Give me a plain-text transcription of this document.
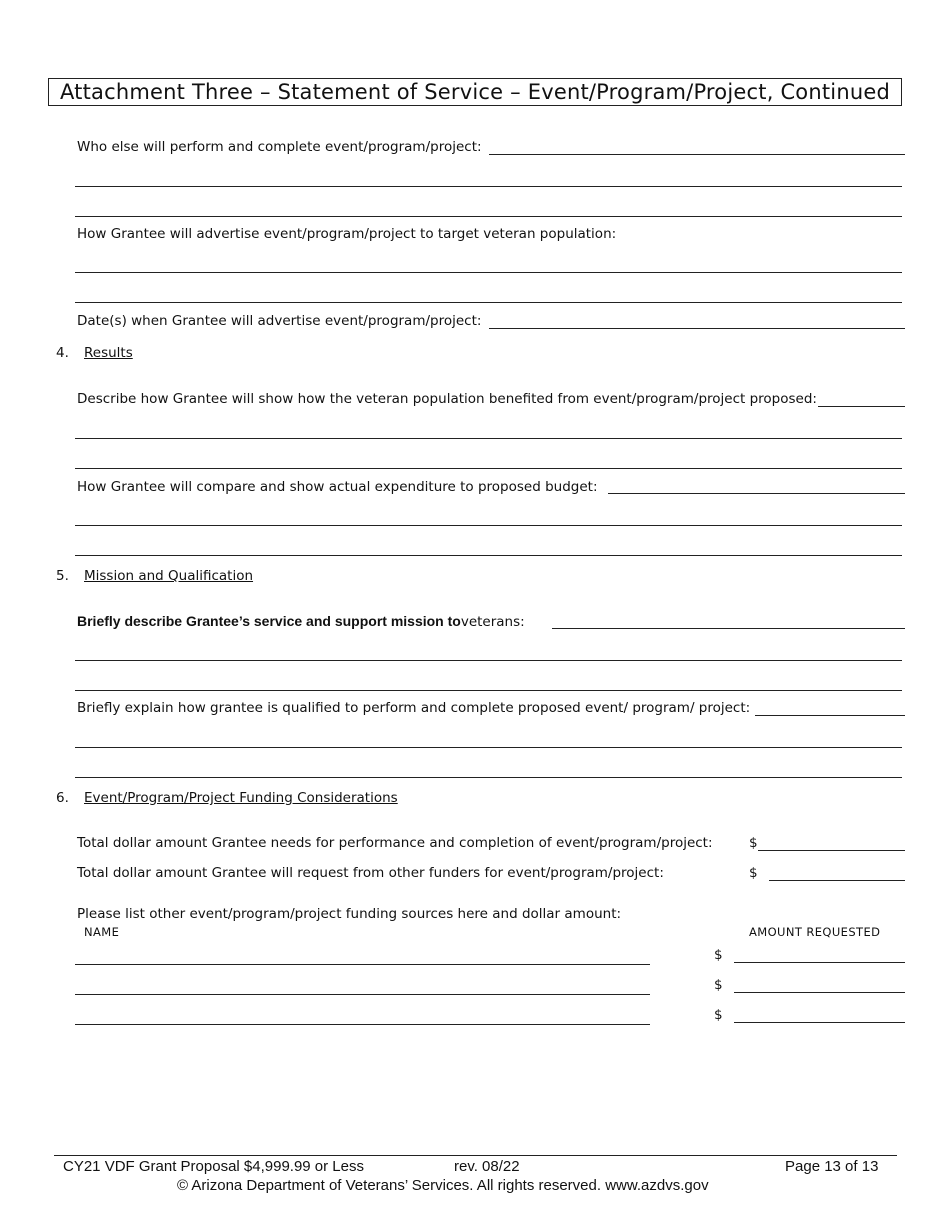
Attachment Three – Statement of Service – Event/Program/Project, Continued
Who else will perform and complete event/program/project:
How Grantee will advertise event/program/project to target veteran population:
Date(s) when Grantee will advertise event/program/project:
4. Results
Describe how Grantee will show how the veteran population benefited from event/program/project proposed:
How Grantee will compare and show actual expenditure to proposed budget:
5. Mission and Qualification
Briefly describe Grantee’s service and support mission toveterans:
Briefly explain how grantee is qualified to perform and complete proposed event/ program/ project:
6. Event/Program/Project Funding Considerations
Total dollar amount Grantee needs for performance and completion of event/program/project:	$
Total dollar amount Grantee will request from other funders for event/program/project:	$
Please list other event/program/project funding sources here and dollar amount:
NAME	AMOUNT REQUESTED
$
$
$
CY21 VDF Grant Proposal $4,999.99 or Less	rev. 08/22	Page 13 of 13
© Arizona Department of Veterans’ Services. All rights reserved. www.azdvs.gov
